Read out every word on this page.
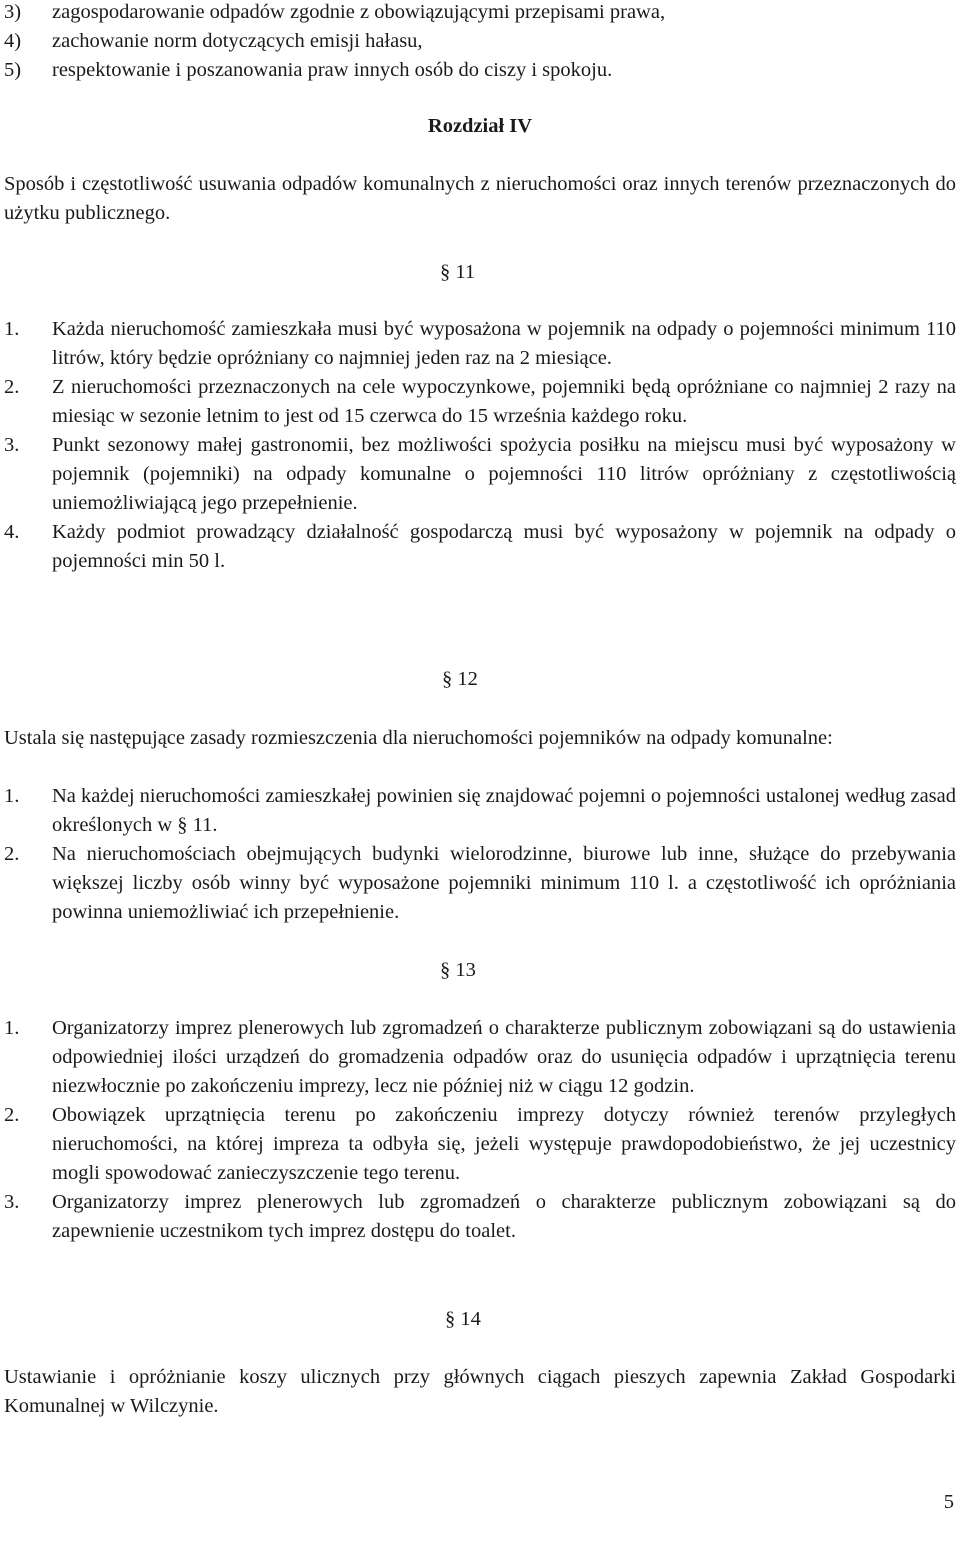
3)	zagospodarowanie odpadów zgodnie z obowiązującymi przepisami prawa,
4)	zachowanie norm dotyczących emisji hałasu,
5)	respektowanie i poszanowania praw innych osób do ciszy i spokoju.
Rozdział IV
Sposób i częstotliwość usuwania odpadów komunalnych z nieruchomości oraz innych terenów przeznaczonych do użytku publicznego.
§ 11
1.	Każda nieruchomość zamieszkała musi być wyposażona w pojemnik na odpady o pojemności minimum 110 litrów, który będzie opróżniany co najmniej jeden raz na 2 miesiące.
2.	Z nieruchomości przeznaczonych na cele wypoczynkowe, pojemniki będą opróżniane co najmniej 2 razy na miesiąc w sezonie letnim to jest od 15 czerwca do 15 września każdego roku.
3.	Punkt sezonowy małej gastronomii, bez możliwości spożycia posiłku na miejscu musi być wyposażony w pojemnik (pojemniki) na odpady komunalne o pojemności 110 litrów opróżniany z częstotliwością uniemożliwiającą jego przepełnienie.
4.	Każdy podmiot prowadzący działalność gospodarczą musi być wyposażony w pojemnik na odpady o pojemności min 50 l.
§ 12
Ustala się następujące zasady rozmieszczenia dla nieruchomości pojemników na odpady komunalne:
1.	Na każdej nieruchomości zamieszkałej powinien się znajdować pojemni o pojemności ustalonej według zasad określonych w § 11.
2.	Na nieruchomościach obejmujących budynki wielorodzinne, biurowe lub inne, służące do przebywania większej liczby osób winny być wyposażone pojemniki minimum 110 l. a częstotliwość ich opróżniania powinna uniemożliwiać ich przepełnienie.
§ 13
1.	Organizatorzy imprez plenerowych lub zgromadzeń o charakterze publicznym zobowiązani są do ustawienia odpowiedniej ilości urządzeń do gromadzenia odpadów oraz do usunięcia odpadów i uprzątnięcia terenu niezwłocznie po zakończeniu imprezy, lecz nie później niż w ciągu 12 godzin.
2.	Obowiązek uprzątnięcia terenu po zakończeniu imprezy dotyczy również terenów przyległych nieruchomości, na której impreza ta odbyła się, jeżeli występuje prawdopodobieństwo, że jej uczestnicy mogli spowodować zanieczyszczenie tego terenu.
3.	Organizatorzy imprez plenerowych lub zgromadzeń o charakterze publicznym zobowiązani są do zapewnienie uczestnikom tych imprez dostępu do toalet.
§ 14
Ustawianie i opróżnianie koszy ulicznych przy głównych ciągach pieszych zapewnia Zakład Gospodarki Komunalnej w Wilczynie.
5
